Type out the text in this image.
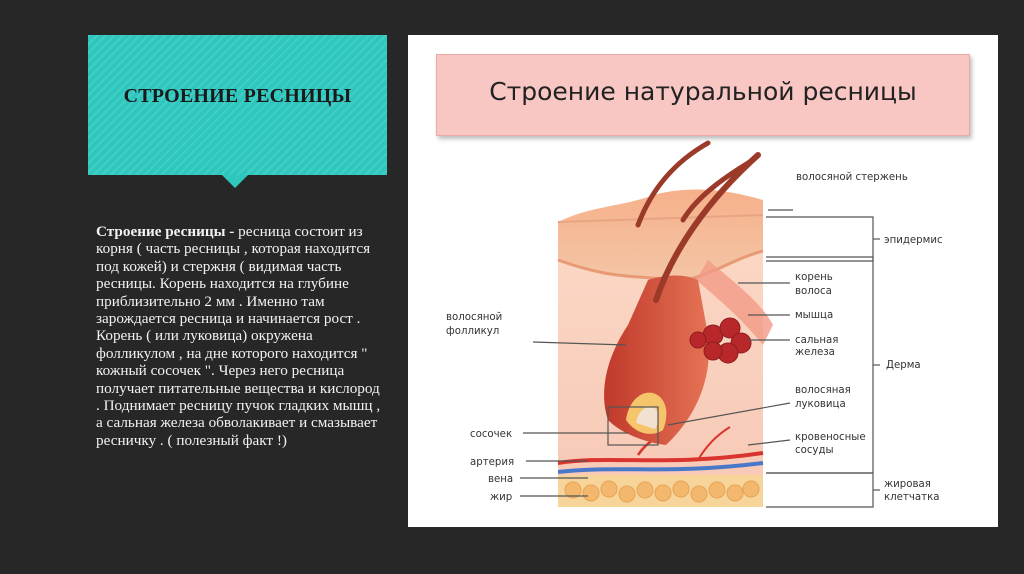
СТРОЕНИЕ РЕСНИЦЫ
Строение ресницы - ресница состоит из корня ( часть ресницы , которая находится под кожей) и стержня ( видимая часть ресницы. Корень находится на глубине приблизительно 2 мм . Именно там зарождается ресница и начинается рост . Корень ( или луковица) окружена фолликулом , на дне которого находится " кожный сосочек ". Через него ресница получает питательные вещества и кислород . Поднимает ресницу пучок гладких мышц , а сальная железа обволакивает и смазывает ресничку . ( полезный факт !)
Строение натуральной ресницы
волосяной стержень
эпидермис
корень
волоса
мышца
сальная
железа
Дерма
волосяная
луковица
кровеносные
сосуды
волосяной
фолликул
сосочек
артерия
вена
жир
жировая
клетчатка
